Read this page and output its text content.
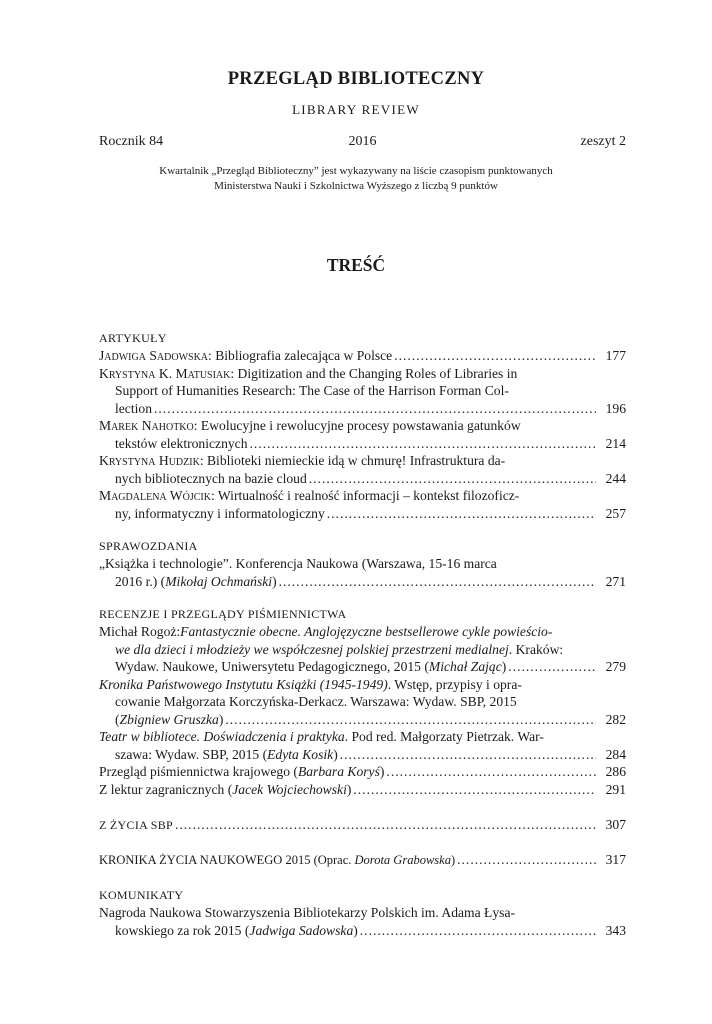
PRZEGLĄD BIBLIOTECZNY
LIBRARY REVIEW
Rocznik 84	2016	zeszyt 2
Kwartalnik „Przegląd Biblioteczny” jest wykazywany na liście czasopism punktowanych
Ministerstwa Nauki i Szkolnictwa Wyższego z liczbą 9 punktów
TREŚĆ
ARTYKUŁY
Jadwiga Sadowska: Bibliografia zalecająca w Polsce . . .	177
Krystyna K. Matusiak : Digitization and the Changing Roles of Libraries in
Support of Humanities Research: The Case of the Harrison Forman Col-
lection . . .	196
Marek Nahotko : Ewolucyjne i rewolucyjne procesy powstawania gatunków
tekstów elektronicznych . . .	214
Krystyna Hudzik : Biblioteki niemieckie idą w chmurę! Infrastruktura da-
nych bibliotecznych na bazie cloud . . .	244
Magdalena Wójcik : Wirtualność i realność informacji – kontekst filozoficz-
ny, informatyczny i informatologiczny . . .	257
SPRAWOZDANIA
„Książka i technologie”. Konferencja Naukowa (Warszawa, 15-16 marca
2016 r.) (Mikołaj Ochmański) . . .	271
RECENZJE I PRZEGLĄDY PIŚMIENNICTWA
Michał Rogoż: Fantastycznie obecne. Anglojęzyczne bestsellerowe cykle powieścio-
we dla dzieci i młodzieży we współczesnej polskiej przestrzeni medialnej . Kraków:
Wydaw. Naukowe, Uniwersytetu Pedagogicznego, 2015 (Michał Zając) . . .	279
Kronika Państwowego Instytutu Książki (1945-1949) . Wstęp, przypisy i opra-
cowanie Małgorzata Korczyńska-Derkacz. Warszawa: Wydaw. SBP, 2015
(Zbigniew Gruszka) . . .	282
Teatr w bibliotece. Doświadczenia i praktyka . Pod red. Małgorzaty Pietrzak. War-
szawa: Wydaw. SBP, 2015 (Edyta Kosik) . . .	284
Przegląd piśmiennictwa krajowego (Barbara Koryś) . . .	286
Z lektur zagranicznych (Jacek Wojciechowski) . . .	291
Z ŻYCIA SBP . . .	307
KRONIKA ŻYCIA NAUKOWEGO 2015 (Oprac. Dorota Grabowska) . . .	317
KOMUNIKATY
Nagroda Naukowa Stowarzyszenia Bibliotekarzy Polskich im. Adama Łysa-
kowskiego za rok 2015 (Jadwiga Sadowska) . . .	343
